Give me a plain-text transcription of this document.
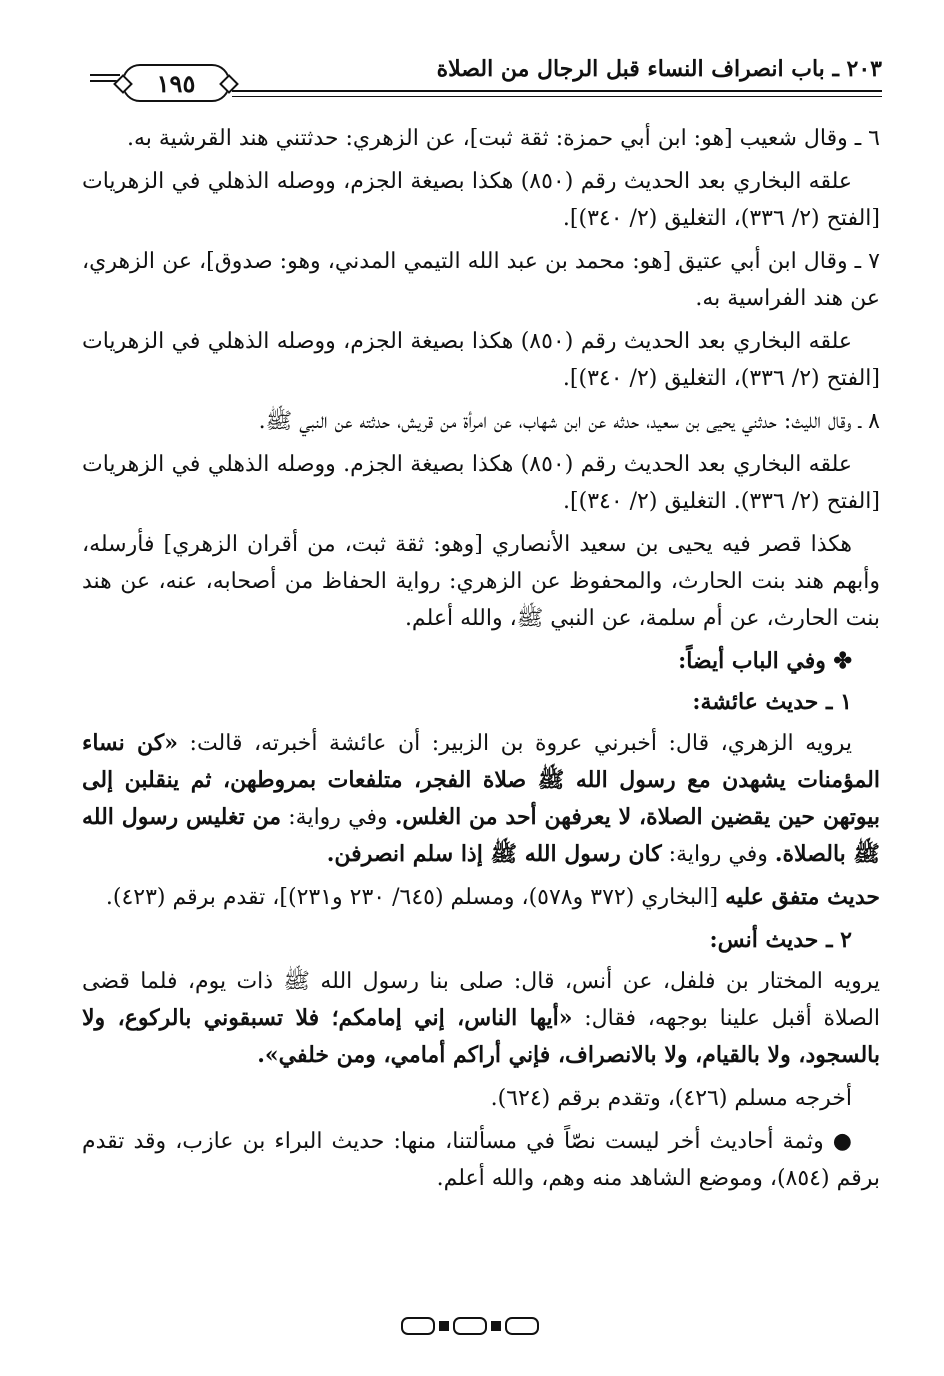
١٩٥	٢٠٣ ـ باب انصراف النساء قبل الرجال من الصلاة

٦ ـ وقال شعيب [هو: ابن أبي حمزة: ثقة ثبت]، عن الزهري: حدثتني هند القرشية به.

علقه البخاري بعد الحديث رقم (٨٥٠) هكذا بصيغة الجزم، ووصله الذهلي في الزهريات [الفتح (٢/ ٣٣٦)، التغليق (٢/ ٣٤٠)].

٧ ـ وقال ابن أبي عتيق [هو: محمد بن عبد الله التيمي المدني، وهو: صدوق]، عن الزهري، عن هند الفراسية به.

علقه البخاري بعد الحديث رقم (٨٥٠) هكذا بصيغة الجزم، ووصله الذهلي في الزهريات [الفتح (٢/ ٣٣٦)، التغليق (٢/ ٣٤٠)].

٨ ـ وقال الليث: حدثني يحيى بن سعيد، حدثه عن ابن شهاب، عن امرأة من قريش، حدثته عن النبي ﷺ.

علقه البخاري بعد الحديث رقم (٨٥٠) هكذا بصيغة الجزم. ووصله الذهلي في الزهريات [الفتح (٢/ ٣٣٦). التغليق (٢/ ٣٤٠)].

هكذا قصر فيه يحيى بن سعيد الأنصاري [وهو: ثقة ثبت، من أقران الزهري] فأرسله، وأبهم هند بنت الحارث، والمحفوظ عن الزهري: رواية الحفاظ من أصحابه، عنه، عن هند بنت الحارث، عن أم سلمة، عن النبي ﷺ، والله أعلم.

✤ وفي الباب أيضاً:

١ ـ حديث عائشة:

يرويه الزهري، قال: أخبرني عروة بن الزبير: أن عائشة أخبرته، قالت: «كن نساء المؤمنات يشهدن مع رسول الله ﷺ صلاة الفجر، متلفعات بمروطهن، ثم ينقلبن إلى بيوتهن حين يقضين الصلاة، لا يعرفهن أحد من الغلس. وفي رواية: من تغليس رسول الله ﷺ بالصلاة. وفي رواية: كان رسول الله ﷺ إذا سلم انصرفن.

حديث متفق عليه [البخاري (٣٧٢ و٥٧٨)، ومسلم (٦٤٥/ ٢٣٠ و٢٣١)]، تقدم برقم (٤٢٣).

٢ ـ حديث أنس:

يرويه المختار بن فلفل، عن أنس، قال: صلى بنا رسول الله ﷺ ذات يوم، فلما قضى الصلاة أقبل علينا بوجهه، فقال: «أيها الناس، إني إمامكم؛ فلا تسبقوني بالركوع، ولا بالسجود، ولا بالقيام، ولا بالانصراف، فإني أراكم أمامي، ومن خلفي».

أخرجه مسلم (٤٢٦)، وتقدم برقم (٦٢٤).

● وثمة أحاديث أخر ليست نصّاً في مسألتنا، منها: حديث البراء بن عازب، وقد تقدم برقم (٨٥٤)، وموضع الشاهد منه وهم، والله أعلم.
